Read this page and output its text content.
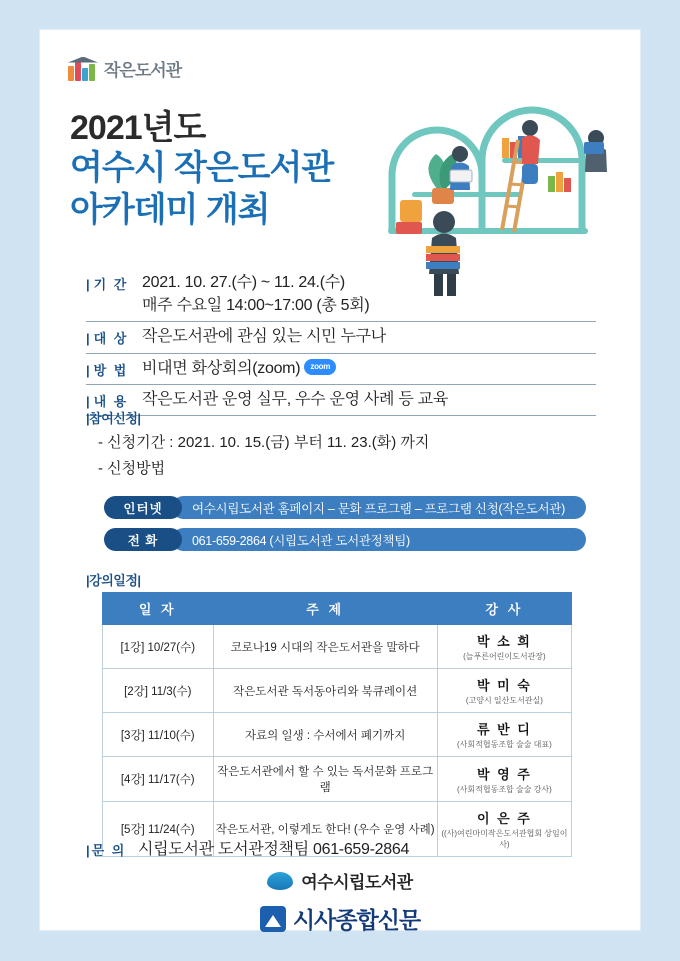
작은도서관
2021년도
여수시 작은도서관
아카데미 개최
| 기 간 2021. 10. 27.(수) ~ 11. 24.(수)
매주 수요일 14:00~17:00 (총 5회)
| 대 상 작은도서관에 관심 있는 시민 누구나
| 방 법 비대면 화상회의(zoom) zoom
| 내 용 작은도서관 운영 실무, 우수 운영 사례 등 교육
|참여신청|
- 신청기간 : 2021. 10. 15.(금) 부터 11. 23.(화) 까지
- 신청방법
인터넷	여수시립도서관 홈페이지 – 문화 프로그램 – 프로그램 신청(작은도서관)
전 화	061-659-2864 (시립도서관 도서관정책팀)
|강의일정|
일 자	주 제	강 사
[1강] 10/27(수)	코로나19 시대의 작은도서관을 말하다	박 소 희
(늘푸른어린이도서관장)

[2강] 11/3(수)	작은도서관 독서동아리와 북큐레이션	박 미 숙
(고양시 일산도서관실)

[3강] 11/10(수)	자료의 일생 : 수서에서 폐기까지	류 반 디
(사회적협동조합 술술 대표)

[4강] 11/17(수)	작은도서관에서 할 수 있는 독서문화 프로그램	박 영 주
(사회적협동조합 술술 강사)

[5강] 11/24(수)	작은도서관, 이렇게도 한다! (우수 운영 사례)	이 은 주
((사)여린마미작은도서관협회 상임이사)
|문 의 시립도서관 도서관정책팀 061-659-2864
여수시립도서관
시사종합신문
